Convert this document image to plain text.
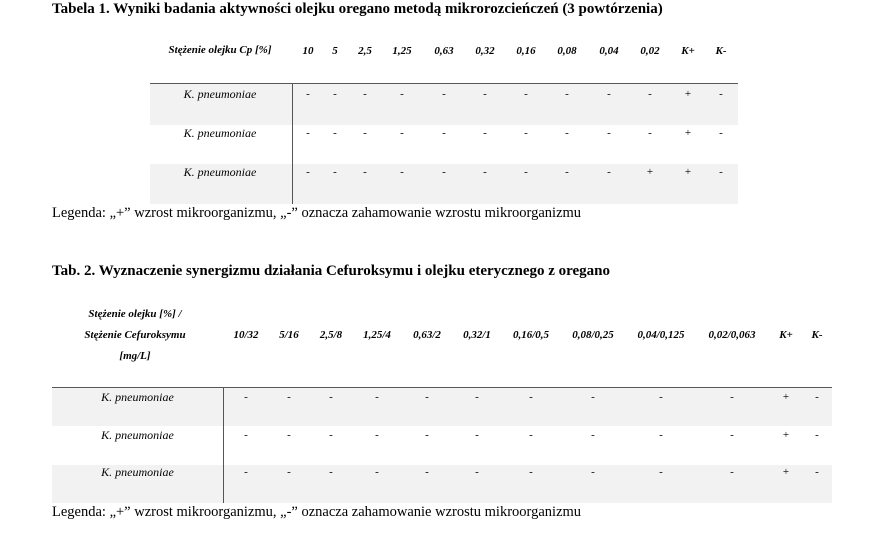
Tabela 1. Wyniki badania aktywności olejku oregano metodą mikrorozcieńczeń (3 powtórzenia)
Stężenie olejku Cp [%]	10	5	2,5	1,25	0,63	0,32	0,16	0,08	0,04	0,02	K+	K-
K. pneumoniae	-	-	-	-	-	-	-	-	-	-	+	-
K. pneumoniae	-	-	-	-	-	-	-	-	-	-	+	-
K. pneumoniae	-	-	-	-	-	-	-	-	-	+	+	-
Legenda: „+” wzrost mikroorganizmu, „-” oznacza zahamowanie wzrostu mikroorganizmu
Tab. 2. Wyznaczenie synergizmu działania Cefuroksymu i olejku eterycznego z oregano
Stężenie olejku [%] /
Stężenie Cefuroksymu
[mg/L]
10/32	5/16	2,5/8	1,25/4	0,63/2	0,32/1	0,16/0,5	0,08/0,25	0,04/0,125	0,02/0,063	K+	K-
K. pneumoniae	-	-	-	-	-	-	-	-	-	-	+	-
K. pneumoniae	-	-	-	-	-	-	-	-	-	-	+	-
K. pneumoniae	-	-	-	-	-	-	-	-	-	-	+	-
Legenda: „+” wzrost mikroorganizmu, „-” oznacza zahamowanie wzrostu mikroorganizmu
